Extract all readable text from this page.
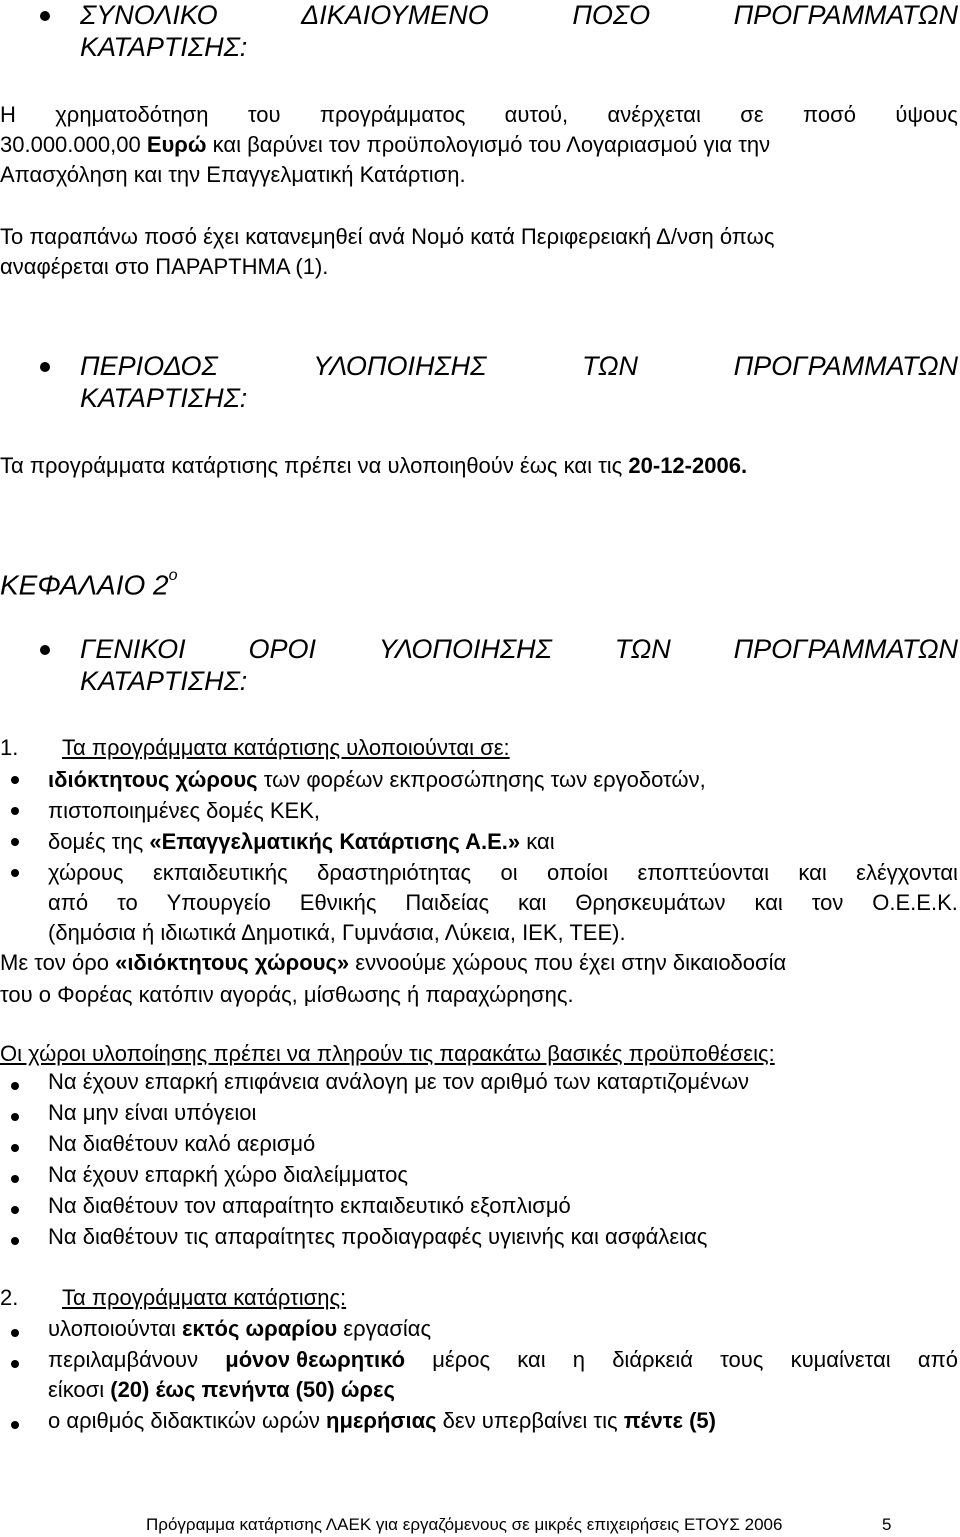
ΣΥΝΟΛΙΚΟ	ΔΙΚΑΙΟΥΜΕΝΟ	ΠΟΣΟ	ΠΡΟΓΡΑΜΜΑΤΩΝ
ΚΑΤΑΡΤΙΣΗΣ:
Η χρηματοδότηση του προγράμματος αυτού, ανέρχεται σε ποσό ύψους
30.000.000,00 Ευρώ και βαρύνει τον προϋπολογισμό του Λογαριασμού για την
Απασχόληση και την Επαγγελματική Κατάρτιση.
Το παραπάνω ποσό έχει κατανεμηθεί ανά Νομό κατά Περιφερειακή Δ/νση όπως
αναφέρεται στο ΠΑΡΑΡΤΗΜΑ (1).
ΠΕΡΙΟΔΟΣ	ΥΛΟΠΟΙΗΣΗΣ	ΤΩΝ	ΠΡΟΓΡΑΜΜΑΤΩΝ
ΚΑΤΑΡΤΙΣΗΣ:
Τα προγράμματα κατάρτισης πρέπει να υλοποιηθούν έως και τις 20-12-2006.
ΚΕΦΑΛΑΙΟ $2^o$
ΓΕΝΙΚΟΙ ΟΡΟΙ ΥΛΟΠΟΙΗΣΗΣ ΤΩΝ ΠΡΟΓΡΑΜΜΑΤΩΝ
ΚΑΤΑΡΤΙΣΗΣ:
1. Τα προγράμματα κατάρτισης υλοποιούνται σε:
ιδιόκτητους χώρους των φορέων εκπροσώπησης των εργοδοτών,
πιστοποιημένες δομές ΚΕΚ,
δομές της «Επαγγελματικής Κατάρτισης Α.Ε.» και
χώρους εκπαιδευτικής δραστηριότητας οι οποίοι εποπτεύονται και ελέγχονται
από το Υπουργείο Εθνικής Παιδείας και Θρησκευμάτων και τον Ο.Ε.Ε.Κ.
(δημόσια ή ιδιωτικά Δημοτικά, Γυμνάσια, Λύκεια, ΙΕΚ, ΤΕΕ).
Με τον όρο «ιδιόκτητους χώρους» εννοούμε χώρους που έχει στην δικαιοδοσία
του ο Φορέας κατόπιν αγοράς, μίσθωσης ή παραχώρησης.
Οι χώροι υλοποίησης πρέπει να πληρούν τις παρακάτω βασικές προϋποθέσεις:
Να έχουν επαρκή επιφάνεια ανάλογη με τον αριθμό των καταρτιζομένων
Να μην είναι υπόγειοι
Να διαθέτουν καλό αερισμό
Να έχουν επαρκή χώρο διαλείμματος
Να διαθέτουν τον απαραίτητο εκπαιδευτικό εξοπλισμό
Να διαθέτουν τις απαραίτητες προδιαγραφές υγιεινής και ασφάλειας
2. Τα προγράμματα κατάρτισης:
υλοποιούνται εκτός ωραρίου εργασίας
περιλαμβάνουν μόνον θεωρητικό μέρος και η διάρκειά τους κυμαίνεται από
είκοσι (20) έως πενήντα (50) ώρες
ο αριθμός διδακτικών ωρών ημερήσιας δεν υπερβαίνει τις πέντε (5)
Πρόγραμμα κατάρτισης ΛΑΕΚ για εργαζόμενους σε μικρές επιχειρήσεις ΕΤΟΥΣ 2006	5
